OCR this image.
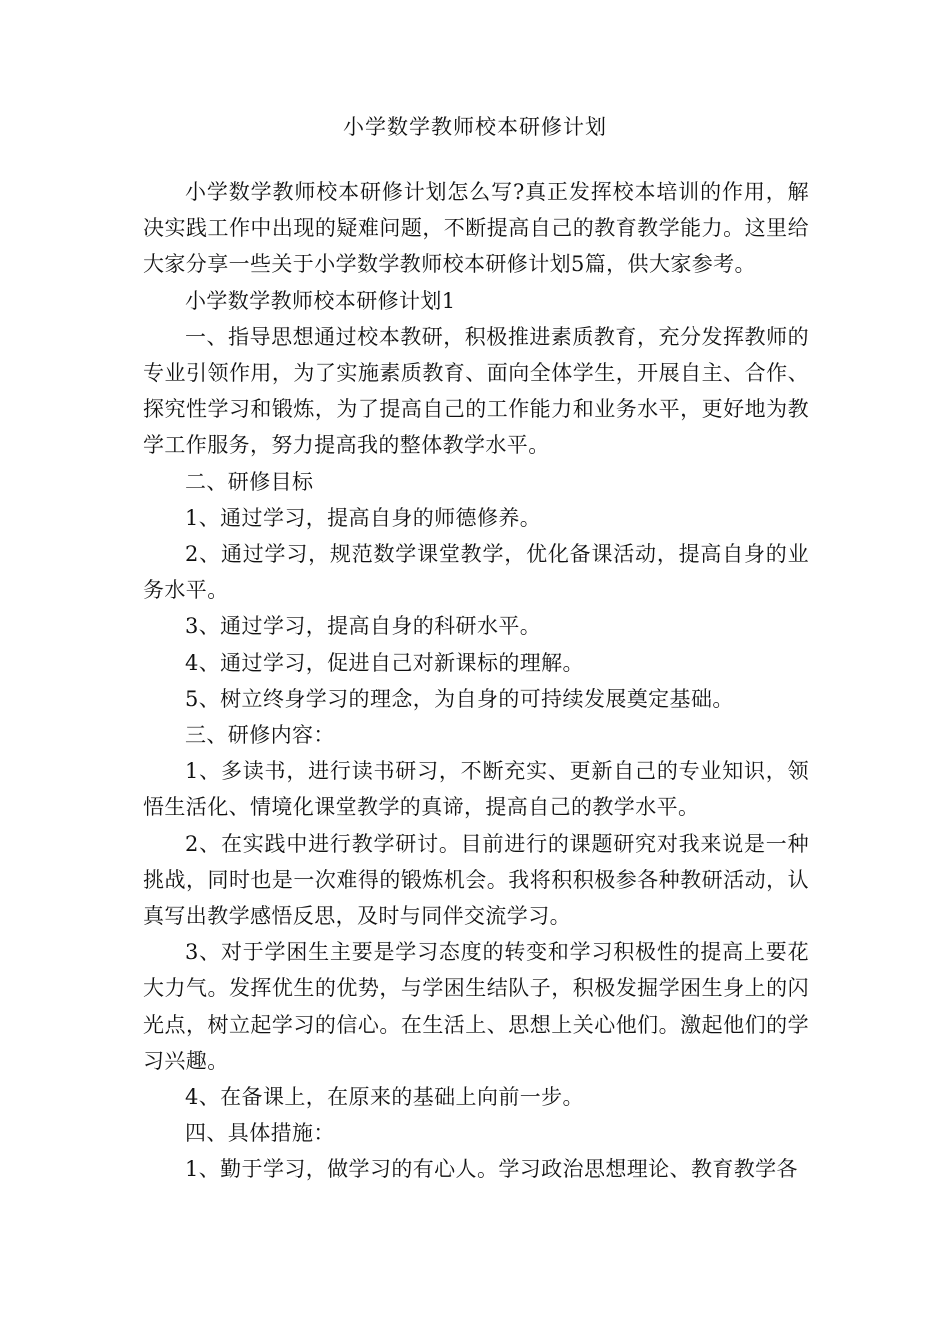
小学数学教师校本研修计划

小学数学教师校本研修计划怎么写?真正发挥校本培训的作用，解决实践工作中出现的疑难问题，不断提高自己的教育教学能力。这里给大家分享一些关于小学数学教师校本研修计划5篇，供大家参考。

小学数学教师校本研修计划1

一、指导思想通过校本教研，积极推进素质教育，充分发挥教师的专业引领作用，为了实施素质教育、面向全体学生，开展自主、合作、探究性学习和锻炼，为了提高自己的工作能力和业务水平，更好地为教学工作服务，努力提高我的整体教学水平。

二、研修目标

1、通过学习，提高自身的师德修养。

2、通过学习，规范数学课堂教学，优化备课活动，提高自身的业务水平。

3、通过学习，提高自身的科研水平。

4、通过学习，促进自己对新课标的理解。

5、树立终身学习的理念，为自身的可持续发展奠定基础。

三、研修内容：

1、多读书，进行读书研习，不断充实、更新自己的专业知识，领悟生活化、情境化课堂教学的真谛，提高自己的教学水平。

2、在实践中进行教学研讨。目前进行的课题研究对我来说是一种挑战，同时也是一次难得的锻炼机会。我将积积极参各种教研活动，认真写出教学感悟反思，及时与同伴交流学习。

3、对于学困生主要是学习态度的转变和学习积极性的提高上要花大力气。发挥优生的优势，与学困生结队子，积极发掘学困生身上的闪光点，树立起学习的信心。在生活上、思想上关心他们。激起他们的学习兴趣。

4、在备课上，在原来的基础上向前一步。

四、具体措施：

1、勤于学习，做学习的有心人。学习政治思想理论、教育教学各
